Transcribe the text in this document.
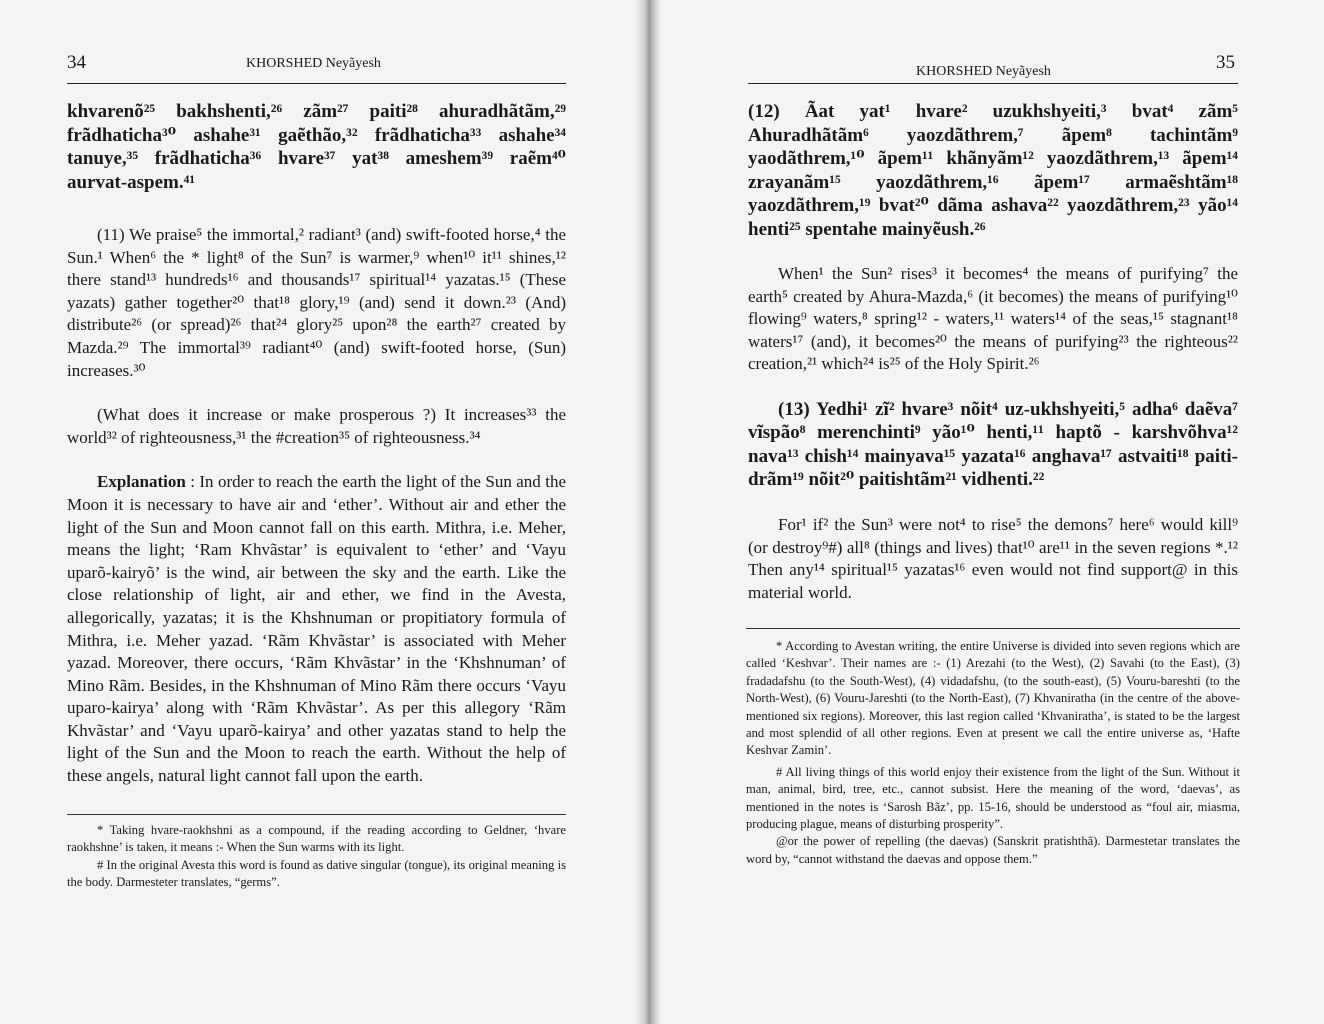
34	KHORSHED Neyãyesh

khvarenõ²⁵ bakhshenti,²⁶ zãm²⁷ paiti²⁸ ahuradhãtãm,²⁹ frãdhaticha³⁰ ashahe³¹ gaẽthão,³² frãdhaticha³³ ashahe³⁴ tanuye,³⁵ frãdhaticha³⁶ hvare³⁷ yat³⁸ ameshem³⁹ raẽm⁴⁰ aurvat-aspem.⁴¹

(11) We praise⁵ the immortal,² radiant³ (and) swift-footed horse,⁴ the Sun.¹ When⁶ the * light⁸ of the Sun⁷ is warmer,⁹ when¹⁰ it¹¹ shines,¹² there stand¹³ hundreds¹⁶ and thousands¹⁷ spiritual¹⁴ yazatas.¹⁵ (These yazats) gather together²⁰ that¹⁸ glory,¹⁹ (and) send it down.²³ (And) distribute²⁶ (or spread)²⁶ that²⁴ glory²⁵ upon²⁸ the earth²⁷ created by Mazda.²⁹ The immortal³⁹ radiant⁴⁰ (and) swift-footed horse, (Sun) increases.³⁰

(What does it increase or make prosperous ?) It increases³³ the world³² of righteousness,³¹ the #creation³⁵ of righteousness.³⁴

Explanation : In order to reach the earth the light of the Sun and the Moon it is necessary to have air and ‘ether’. Without air and ether the light of the Sun and Moon cannot fall on this earth. Mithra, i.e. Meher, means the light; ‘Ram Khvãstar’ is equivalent to ‘ether’ and ‘Vayu uparõ-kairyõ’ is the wind, air between the sky and the earth. Like the close relationship of light, air and ether, we find in the Avesta, allegorically, yazatas; it is the Khshnuman or propitiatory formula of Mithra, i.e. Meher yazad. ‘Rãm Khvãstar’ is associated with Meher yazad. Moreover, there occurs, ‘Rãm Khvãstar’ in the ‘Khshnuman’ of Mino Rãm. Besides, in the Khshnuman of Mino Rãm there occurs ‘Vayu uparo-kairya’ along with ‘Rãm Khvãstar’. As per this allegory ‘Rãm Khvãstar’ and ‘Vayu uparõ-kairya’ and other yazatas stand to help the light of the Sun and the Moon to reach the earth. Without the help of these angels, natural light cannot fall upon the earth.

* Taking hvare-raokhshni as a compound, if the reading according to Geldner, ‘hvare raokhshne’ is taken, it means :- When the Sun warms with its light.

# In the original Avesta this word is found as dative singular (tongue), its original meaning is the body. Darmesteter translates, “germs”.

KHORSHED Neyãyesh	35

(12) Ãat yat¹ hvare² uzukhshyeiti,³ bvat⁴ zãm⁵ Ahuradhãtãm⁶ yaozdãthrem,⁷ ãpem⁸ tachintãm⁹ yaodãthrem,¹⁰ ãpem¹¹ khãnyãm¹² yaozdãthrem,¹³ ãpem¹⁴ zrayanãm¹⁵ yaozdãthrem,¹⁶ ãpem¹⁷ armaẽshtãm¹⁸ yaozdãthrem,¹⁹ bvat²⁰ dãma ashava²² yaozdãthrem,²³ yão¹⁴ henti²⁵ spentahe mainyẽush.²⁶

When¹ the Sun² rises³ it becomes⁴ the means of purifying⁷ the earth⁵ created by Ahura-Mazda,⁶ (it becomes) the means of purifying¹⁰ flowing⁹ waters,⁸ spring¹² - waters,¹¹ waters¹⁴ of the seas,¹⁵ stagnant¹⁸ waters¹⁷ (and), it becomes²⁰ the means of purifying²³ the righteous²² creation,²¹ which²⁴ is²⁵ of the Holy Spirit.²⁶

(13) Yedhi¹ zĩ² hvare³ nõit⁴ uz-ukhshyeiti,⁵ adha⁶ daẽva⁷ vĩspão⁸ merenchinti⁹ yão¹⁰ henti,¹¹ haptõ - karshvõhva¹² nava¹³ chish¹⁴ mainyava¹⁵ yazata¹⁶ anghava¹⁷ astvaiti¹⁸ paiti-drãm¹⁹ nõit²⁰ paitishtãm²¹ vidhenti.²²

For¹ if² the Sun³ were not⁴ to rise⁵ the demons⁷ here⁶ would kill⁹ (or destroy⁹#) all⁸ (things and lives) that¹⁰ are¹¹ in the seven regions *.¹² Then any¹⁴ spiritual¹⁵ yazatas¹⁶ even would not find support@ in this material world.

* According to Avestan writing, the entire Universe is divided into seven regions which are called ‘Keshvar’. Their names are :- (1) Arezahi (to the West), (2) Savahi (to the East), (3) fradadafshu (to the South-West), (4) vidadafshu, (to the south-east), (5) Vouru-bareshti (to the North-West), (6) Vouru-Jareshti (to the North-East), (7) Khvaniratha (in the centre of the above-mentioned six regions). Moreover, this last region called ‘Khvaniratha’, is stated to be the largest and most splendid of all other regions. Even at present we call the entire universe as, ‘Hafte Keshvar Zamin’.

# All living things of this world enjoy their existence from the light of the Sun. Without it man, animal, bird, tree, etc., cannot subsist. Here the meaning of the word, ‘daevas’, as mentioned in the notes is ‘Sarosh Bãz’, pp. 15-16, should be understood as “foul air, miasma, producing plague, means of disturbing prosperity”.

@or the power of repelling (the daevas) (Sanskrit pratishthã). Darmestetar translates the word by, “cannot withstand the daevas and oppose them.”
